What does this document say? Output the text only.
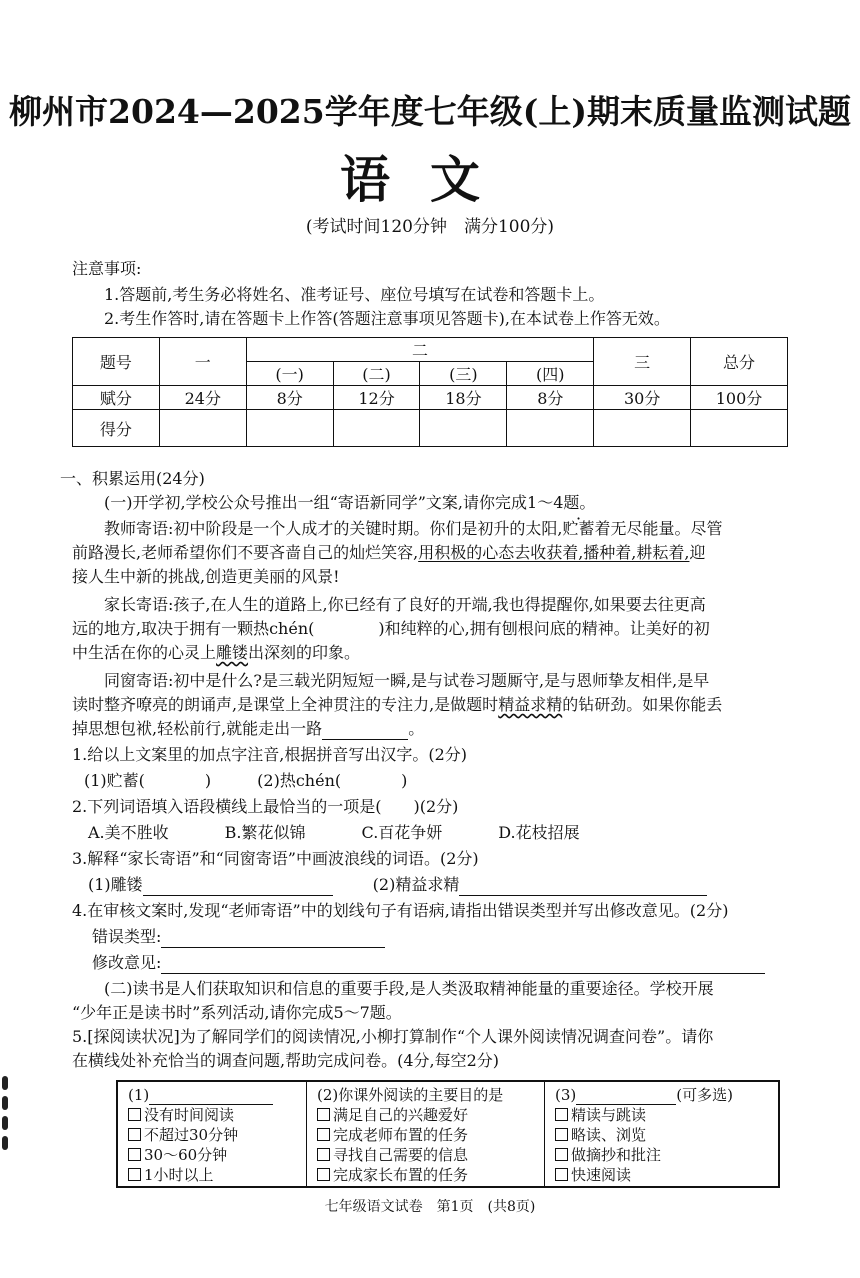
柳州市2024—2025学年度七年级(上)期末质量监测试题
语文
(考试时间120分钟　满分100分)
注意事项:
1.答题前,考生务必将姓名、准考证号、座位号填写在试卷和答题卡上。
2.考生作答时,请在答题卡上作答(答题注意事项见答题卡),在本试卷上作答无效。
题号	一	二				三	总分
		(一)	(二)	(三)	(四)		
赋分	24分	8分	12分	18分	8分	30分	100分
得分							
一、积累运用(24分)
(一)开学初,学校公众号推出一组“寄语新同学”文案,请你完成1～4题。
教师寄语:初中阶段是一个人成才的关键时期。你们是初升的太阳,贮蓄着无尽能量。尽管
前路漫长,老师希望你们不要吝啬自己的灿烂笑容,用积极的心态去收获着,播种着,耕耘着,迎
接人生中新的挑战,创造更美丽的风景!
家长寄语:孩子,在人生的道路上,你已经有了良好的开端,我也得提醒你,如果要去往更高
远的地方,取决于拥有一颗热chén(	)和纯粹的心,拥有刨根问底的精神。让美好的初
中生活在你的心灵上雕镂出深刻的印象。
同窗寄语:初中是什么?是三载光阴短短一瞬,是与试卷习题厮守,是与恩师挚友相伴,是早
读时整齐嘹亮的朗诵声,是课堂上全神贯注的专注力,是做题时精益求精的钻研劲。如果你能丢
掉思想包袱,轻松前行,就能走出一路	。
1.给以上文案里的加点字注音,根据拼音写出汉字。(2分)
(1)贮蓄(	)	(2)热chén(	)
2.下列词语填入语段横线上最恰当的一项是(　　)(2分)
A.美不胜收	B.繁花似锦	C.百花争妍	D.花枝招展
3.解释“家长寄语”和“同窗寄语”中画波浪线的词语。(2分)
(1)雕镂	(2)精益求精
4.在审核文案时,发现“老师寄语”中的划线句子有语病,请指出错误类型并写出修改意见。(2分)
错误类型:
修改意见:
(二)读书是人们获取知识和信息的重要手段,是人类汲取精神能量的重要途径。学校开展
“少年正是读书时”系列活动,请你完成5～7题。
5.[探阅读状况]为了解同学们的阅读情况,小柳打算制作“个人课外阅读情况调查问卷”。请你
(1)
没有时间阅读
不超过30分钟
30～60分钟
1小时以上
(2)你课外阅读的主要目的是
满足自己的兴趣爱好
完成老师布置的任务
寻找自己需要的信息
完成家长布置的任务
(3)	(可多选)
精读与跳读
略读、浏览
做摘抄和批注
快速阅读
七年级语文试卷　第1页　(共8页)
在横线处补充恰当的调查问题,帮助完成问卷。(4分,每空2分)
